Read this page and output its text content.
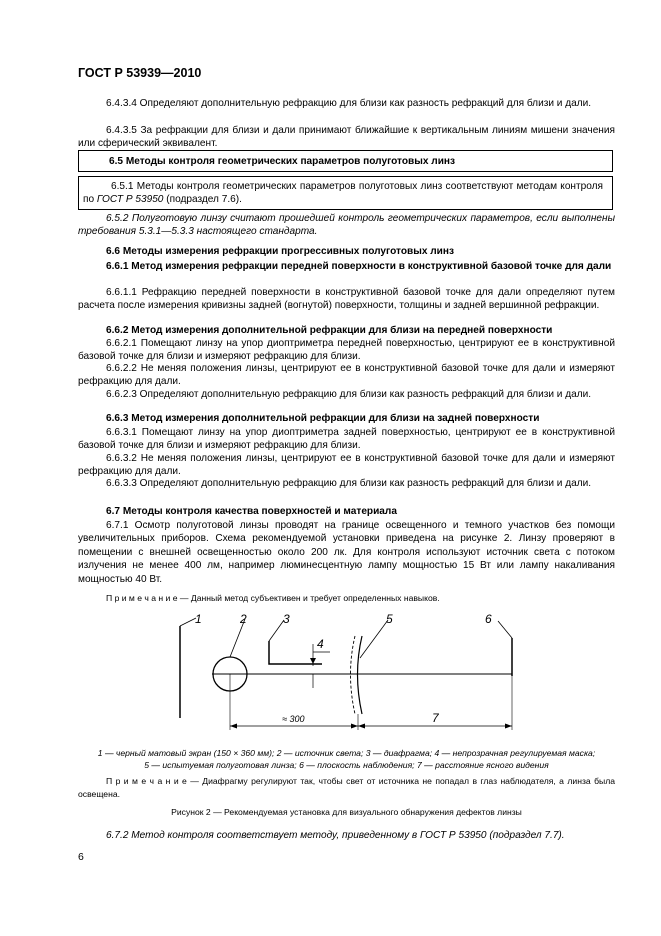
ГОСТ Р 53939—2010

6.4.3.4 Определяют дополнительную рефракцию для близи как разность рефракций для близи и дали.

6.4.3.5 За рефракции для близи и дали принимают ближайшие к вертикальным линиям мишени значения или сферический эквивалент.

6.5 Методы контроля геометрических параметров полуготовых линз

6.5.1 Методы контроля геометрических параметров полуготовых линз соответствуют методам контроля по ГОСТ Р 53950 (подраздел 7.6).

6.5.2 Полуготовую линзу считают прошедшей контроль геометрических параметров, если выполнены требования 5.3.1—5.3.3 настоящего стандарта.

6.6 Методы измерения рефракции прогрессивных полуготовых линз

6.6.1 Метод измерения рефракции передней поверхности в конструктивной базовой точке для дали

6.6.1.1 Рефракцию передней поверхности в конструктивной базовой точке для дали определяют путем расчета после измерения кривизны задней (вогнутой) поверхности, толщины и задней вершинной рефракции.

6.6.2 Метод измерения дополнительной рефракции для близи на передней поверхности

6.6.2.1 Помещают линзу на упор диоптриметра передней поверхностью, центрируют ее в конструктивной базовой точке для близи и измеряют рефракцию для близи.

6.6.2.2 Не меняя положения линзы, центрируют ее в конструктивной базовой точке для дали и измеряют рефракцию для дали.

6.6.2.3 Определяют дополнительную рефракцию для близи как разность рефракций для близи и дали.

6.6.3 Метод измерения дополнительной рефракции для близи на задней поверхности

6.6.3.1 Помещают линзу на упор диоптриметра задней поверхностью, центрируют ее в конструктивной базовой точке для близи и измеряют рефракцию для близи.

6.6.3.2 Не меняя положения линзы, центрируют ее в конструктивной базовой точке для дали и измеряют рефракцию для дали.

6.6.3.3 Определяют дополнительную рефракцию для близи как разность рефракций для близи и дали.

6.7 Методы контроля качества поверхностей и материала

6.7.1 Осмотр полуготовой линзы проводят на границе освещенного и темного участков без помощи увеличительных приборов. Схема рекомендуемой установки приведена на рисунке 2. Линзу проверяют в помещении с внешней освещенностью около 200 лк. Для контроля используют источник света с потоком излучения не менее 400 лм, например люминесцентную лампу мощностью 15 Вт или лампу накаливания мощностью 40 Вт.

П р и м е ч а н и е — Данный метод субъективен и требует определенных навыков.

1	2	3
4
5	6
≈ 300	7
1 — черный матовый экран (150 × 360 мм); 2 — источник света; 3 — диафрагма; 4 — непрозрачная регулируемая маска;
5 — испытуемая полуготовая линза; 6 — плоскость наблюдения; 7 — расстояние ясного видения

П р и м е ч а н и е — Диафрагму регулируют так, чтобы свет от источника не попадал в глаз наблюдателя, а линза была освещена.

Рисунок 2 — Рекомендуемая установка для визуального обнаружения дефектов линзы

6.7.2 Метод контроля соответствует методу, приведенному в ГОСТ Р 53950 (подраздел 7.7).

6
